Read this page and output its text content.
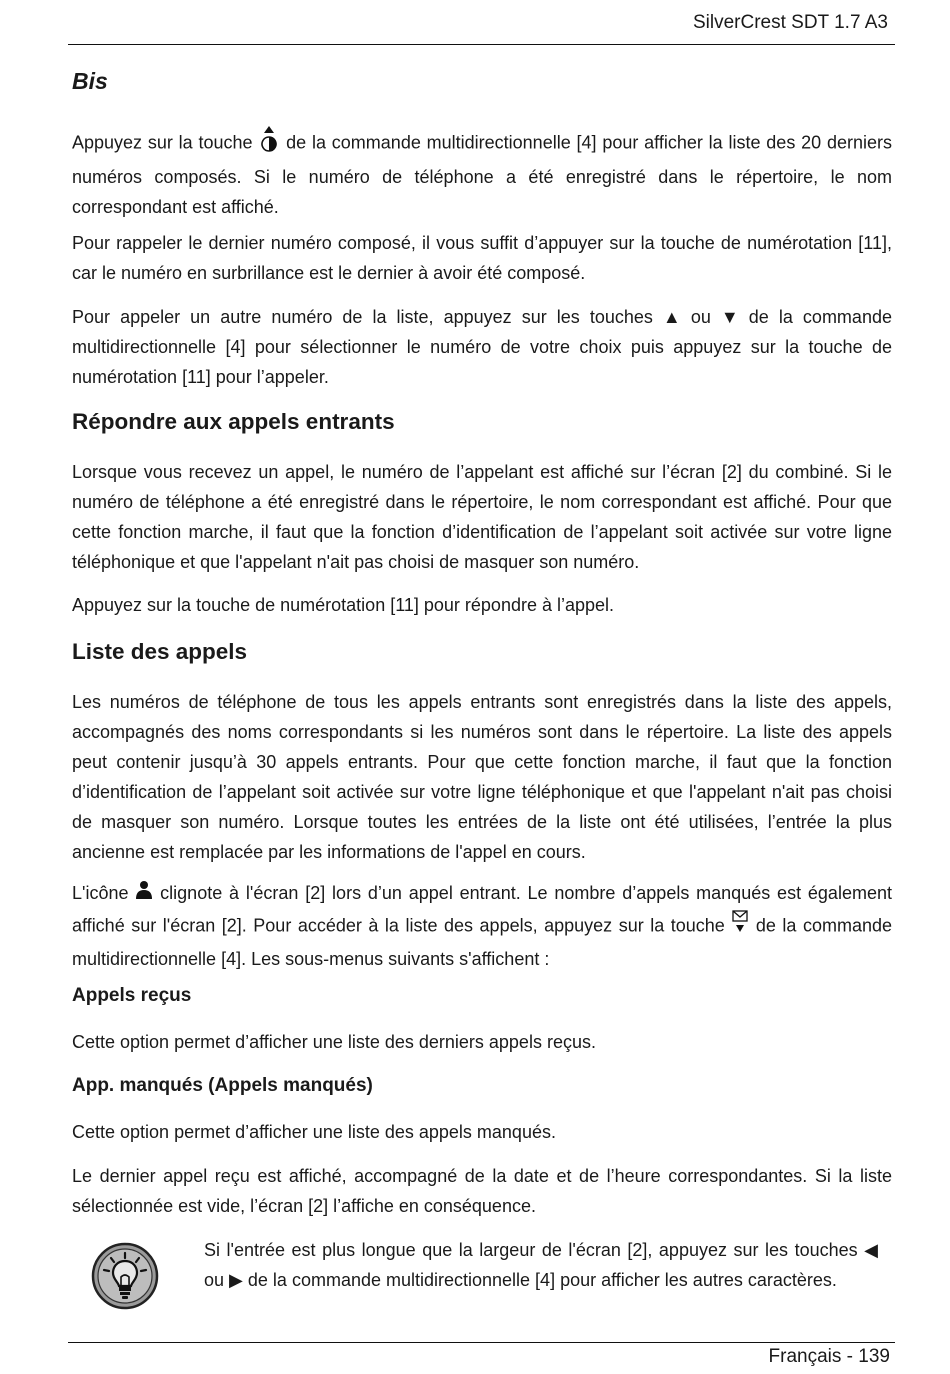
SilverCrest SDT 1.7 A3
Bis

Appuyez sur la touche de la commande multidirectionnelle [4] pour afficher la liste des 20 derniers numéros composés. Si le numéro de téléphone a été enregistré dans le répertoire, le nom correspondant est affiché.

Pour rappeler le dernier numéro composé, il vous suffit d’appuyer sur la touche de numérotation [11], car le numéro en surbrillance est le dernier à avoir été composé.

Pour appeler un autre numéro de la liste, appuyez sur les touches ▲ ou ▼ de la commande multidirectionnelle [4] pour sélectionner le numéro de votre choix puis appuyez sur la touche de numérotation [11] pour l’appeler.

Répondre aux appels entrants

Lorsque vous recevez un appel, le numéro de l’appelant est affiché sur l’écran [2] du combiné. Si le numéro de téléphone a été enregistré dans le répertoire, le nom correspondant est affiché. Pour que cette fonction marche, il faut que la fonction d’identification de l’appelant soit activée sur votre ligne téléphonique et que l'appelant n'ait pas choisi de masquer son numéro.

Appuyez sur la touche de numérotation [11] pour répondre à l’appel.

Liste des appels

Les numéros de téléphone de tous les appels entrants sont enregistrés dans la liste des appels, accompagnés des noms correspondants si les numéros sont dans le répertoire. La liste des appels peut contenir jusqu’à 30 appels entrants. Pour que cette fonction marche, il faut que la fonction d’identification de l’appelant soit activée sur votre ligne téléphonique et que l'appelant n'ait pas choisi de masquer son numéro. Lorsque toutes les entrées de la liste ont été utilisées, l’entrée la plus ancienne est remplacée par les informations de l'appel en cours.

L'icône clignote à l'écran [2] lors d’un appel entrant. Le nombre d’appels manqués est également affiché sur l'écran [2]. Pour accéder à la liste des appels, appuyez sur la touche de la commande multidirectionnelle [4]. Les sous-menus suivants s'affichent :

Appels reçus

Cette option permet d’afficher une liste des derniers appels reçus.

App. manqués (Appels manqués)

Cette option permet d’afficher une liste des appels manqués.

Le dernier appel reçu est affiché, accompagné de la date et de l’heure correspondantes. Si la liste sélectionnée est vide, l’écran [2] l’affiche en conséquence.

Si l'entrée est plus longue que la largeur de l'écran [2], appuyez sur les touches ◀ ou ▶ de la commande multidirectionnelle [4] pour afficher les autres caractères.

Français - 139
